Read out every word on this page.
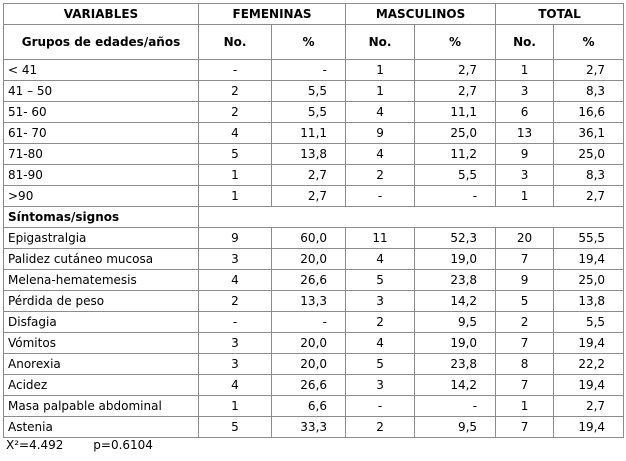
VARIABLES	FEMENINAS		MASCULINOS		TOTAL	
Grupos de edades/años	No.	%	No.	%	No.	%
< 41	-	-	1	2,7	1	2,7
41 – 50	2	5,5	1	2,7	3	8,3
51- 60	2	5,5	4	11,1	6	16,6
61- 70	4	11,1	9	25,0	13	36,1
71-80	5	13,8	4	11,2	9	25,0
81-90	1	2,7	2	5,5	3	8,3
>90	1	2,7	-	-	1	2,7
Síntomas/signos						
Epigastralgia	9	60,0	11	52,3	20	55,5
Palidez cutáneo mucosa	3	20,0	4	19,0	7	19,4
Melena-hematemesis	4	26,6	5	23,8	9	25,0
Pérdida de peso	2	13,3	3	14,2	5	13,8
Disfagia	-	-	2	9,5	2	5,5
Vómitos	3	20,0	4	19,0	7	19,4
Anorexia	3	20,0	5	23,8	8	22,2
Acidez	4	26,6	3	14,2	7	19,4
Masa palpable abdominal	1	6,6	-	-	1	2,7
Astenia	5	33,3	2	9,5	7	19,4
X²=4.492 p=0.6104
